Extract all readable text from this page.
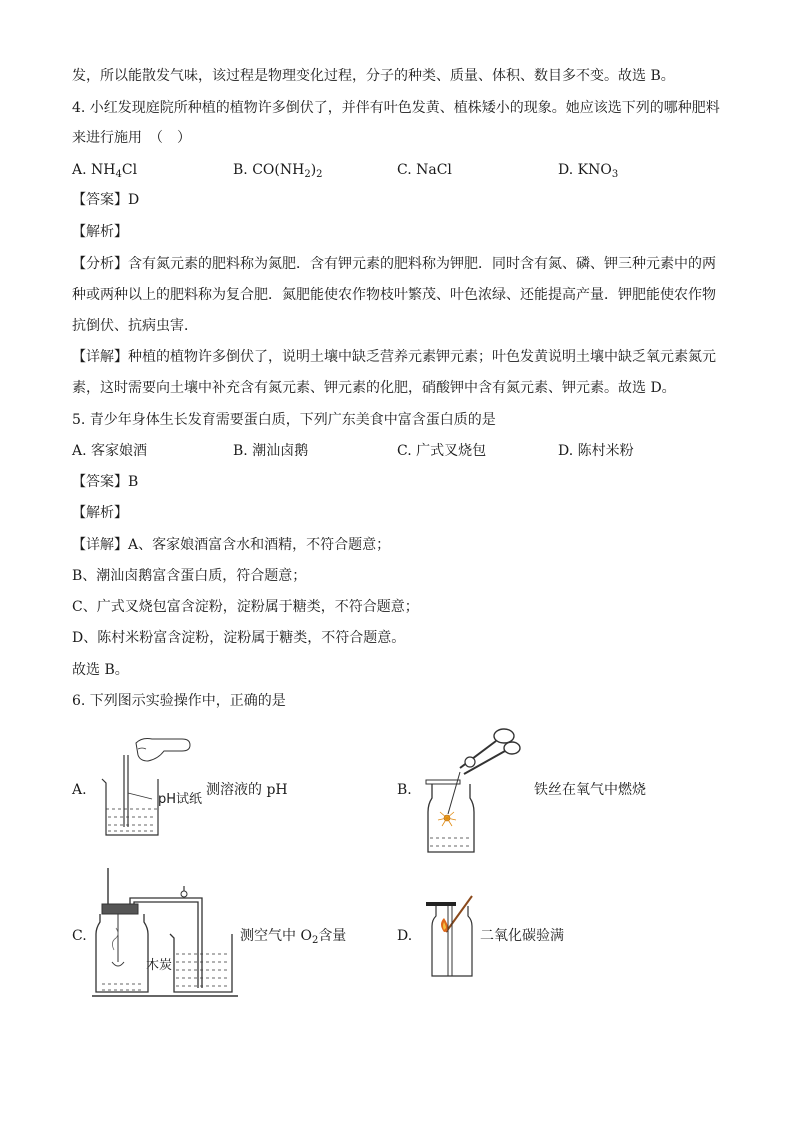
发，所以能散发气味，该过程是物理变化过程，分子的种类、质量、体积、数目多不变。故选 B。
4. 小红发现庭院所种植的植物许多倒伏了，并伴有叶色发黄、植株矮小的现象。她应该选下列的哪种肥料
来进行施用　（　）
A. $NH_4Cl$	B. $CO(NH_2)_2$	C. NaCl	D. $KNO_3$
【答案】D
【解析】
【分析】含有氮元素的肥料称为氮肥．含有钾元素的肥料称为钾肥．同时含有氮、磷、钾三种元素中的两
种或两种以上的肥料称为复合肥．氮肥能使农作物枝叶繁茂、叶色浓绿、还能提高产量．钾肥能使农作物
抗倒伏、抗病虫害．
【详解】种植的植物许多倒伏了，说明土壤中缺乏营养元素钾元素；叶色发黄说明土壤中缺乏氧元素氮元
素，这时需要向土壤中补充含有氮元素、钾元素的化肥，硝酸钾中含有氮元素、钾元素。故选 D。
5. 青少年身体生长发育需要蛋白质，下列广东美食中富含蛋白质的是
A. 客家娘酒	B. 潮汕卤鹅	C. 广式叉烧包	D. 陈村米粉
【答案】B
【解析】
【详解】A、客家娘酒富含水和酒精，不符合题意；
B、潮汕卤鹅富含蛋白质，符合题意；
C、广式叉烧包富含淀粉，淀粉属于糖类，不符合题意；
D、陈村米粉富含淀粉，淀粉属于糖类，不符合题意。
故选 B。
6. 下列图示实验操作中，正确的是
A.
pH试纸
测溶液的 pH	B.	铁丝在氧气中燃烧
C.
木炭
测空气中 $O_2$含量	D.	二氧化碳验满
